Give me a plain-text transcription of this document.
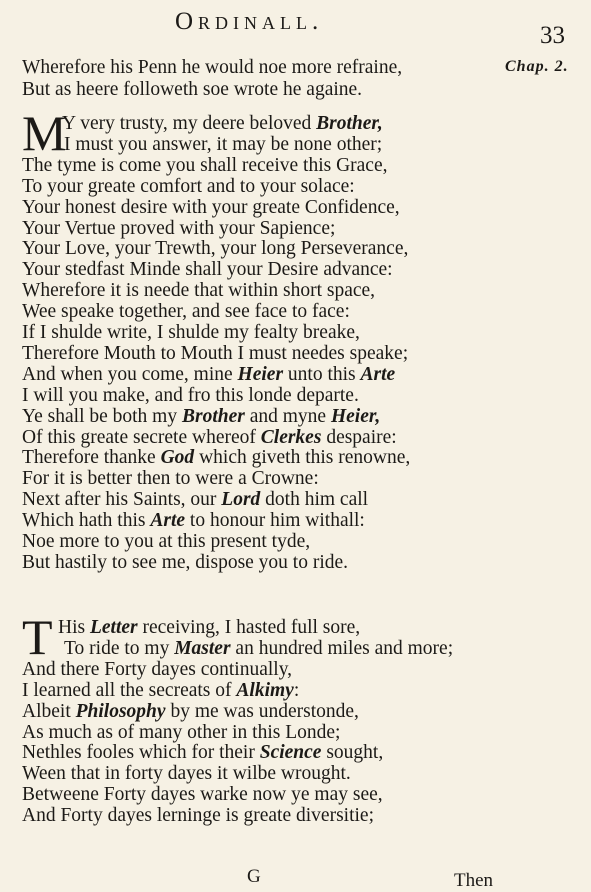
Ordinall.
33
Chap. 2.
Wherefore his Penn he would noe more refraine,
But as heere followeth soe wrote he againe.
Y very trusty, my deere beloved Brother,
I must you answer, it may be none other;
The tyme is come you shall receive this Grace,
To your greate comfort and to your solace:
Your honest desire with your greate Confidence,
Your Vertue proved with your Sapience;
Your Love, your Trewth, your long Perseverance,
Your stedfast Minde shall your Desire advance:
Wherefore it is neede that within short space,
Wee speake together, and see face to face:
If I shulde write, I shulde my fealty breake,
Therefore Mouth to Mouth I must needes speake;
And when you come, mine Heier unto this Arte
I will you make, and fro this londe departe.
Ye shall be both my Brother and myne Heier,
Of this greate secrete whereof Clerkes despaire:
Therefore thanke God which giveth this renowne,
For it is better then to were a Crowne:
Next after his Saints, our Lord doth him call
Which hath this Arte to honour him withall:
Noe more to you at this present tyde,
But hastily to see me, dispose you to ride.
His Letter receiving, I hasted full sore,
To ride to my Master an hundred miles and more;
And there Forty dayes continually,
I learned all the secreats of Alkimy:
Albeit Philosophy by me was understonde,
As much as of many other in this Londe;
Nethles fooles which for their Science sought,
Ween that in forty dayes it wilbe wrought.
Betweene Forty dayes warke now ye may see,
And Forty dayes lerninge is greate diversitie;
M
T
G	Then
